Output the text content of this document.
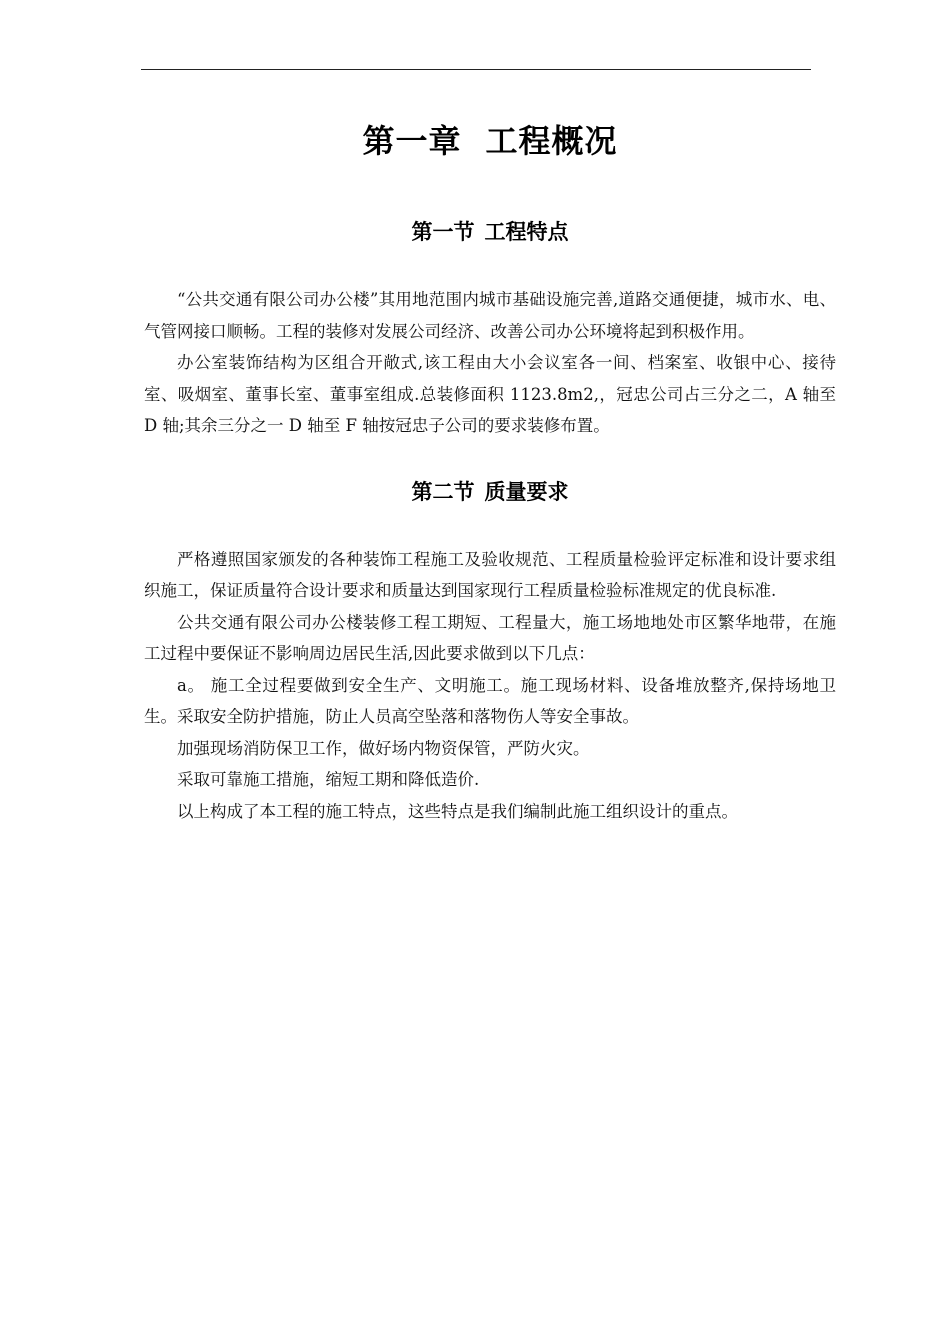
第一章 工程概况
第一节 工程特点

“公共交通有限公司办公楼”其用地范围内城市基础设施完善,道路交通便捷，城市水、电、气管网接口顺畅。工程的装修对发展公司经济、改善公司办公环境将起到积极作用。

办公室装饰结构为区组合开敞式,该工程由大小会议室各一间、档案室、收银中心、接待室、吸烟室、董事长室、董事室组成.总装修面积 1123.8m2,，冠忠公司占三分之二，A 轴至 D 轴;其余三分之一 D 轴至 F 轴按冠忠子公司的要求装修布置。

第二节 质量要求

严格遵照国家颁发的各种装饰工程施工及验收规范、工程质量检验评定标准和设计要求组织施工，保证质量符合设计要求和质量达到国家现行工程质量检验标准规定的优良标准.

公共交通有限公司办公楼装修工程工期短、工程量大，施工场地地处市区繁华地带，在施工过程中要保证不影响周边居民生活,因此要求做到以下几点：

a。 施工全过程要做到安全生产、文明施工。施工现场材料、设备堆放整齐,保持场地卫生。采取安全防护措施，防止人员高空坠落和落物伤人等安全事故。

加强现场消防保卫工作，做好场内物资保管，严防火灾。

采取可靠施工措施，缩短工期和降低造价.

以上构成了本工程的施工特点，这些特点是我们编制此施工组织设计的重点。
